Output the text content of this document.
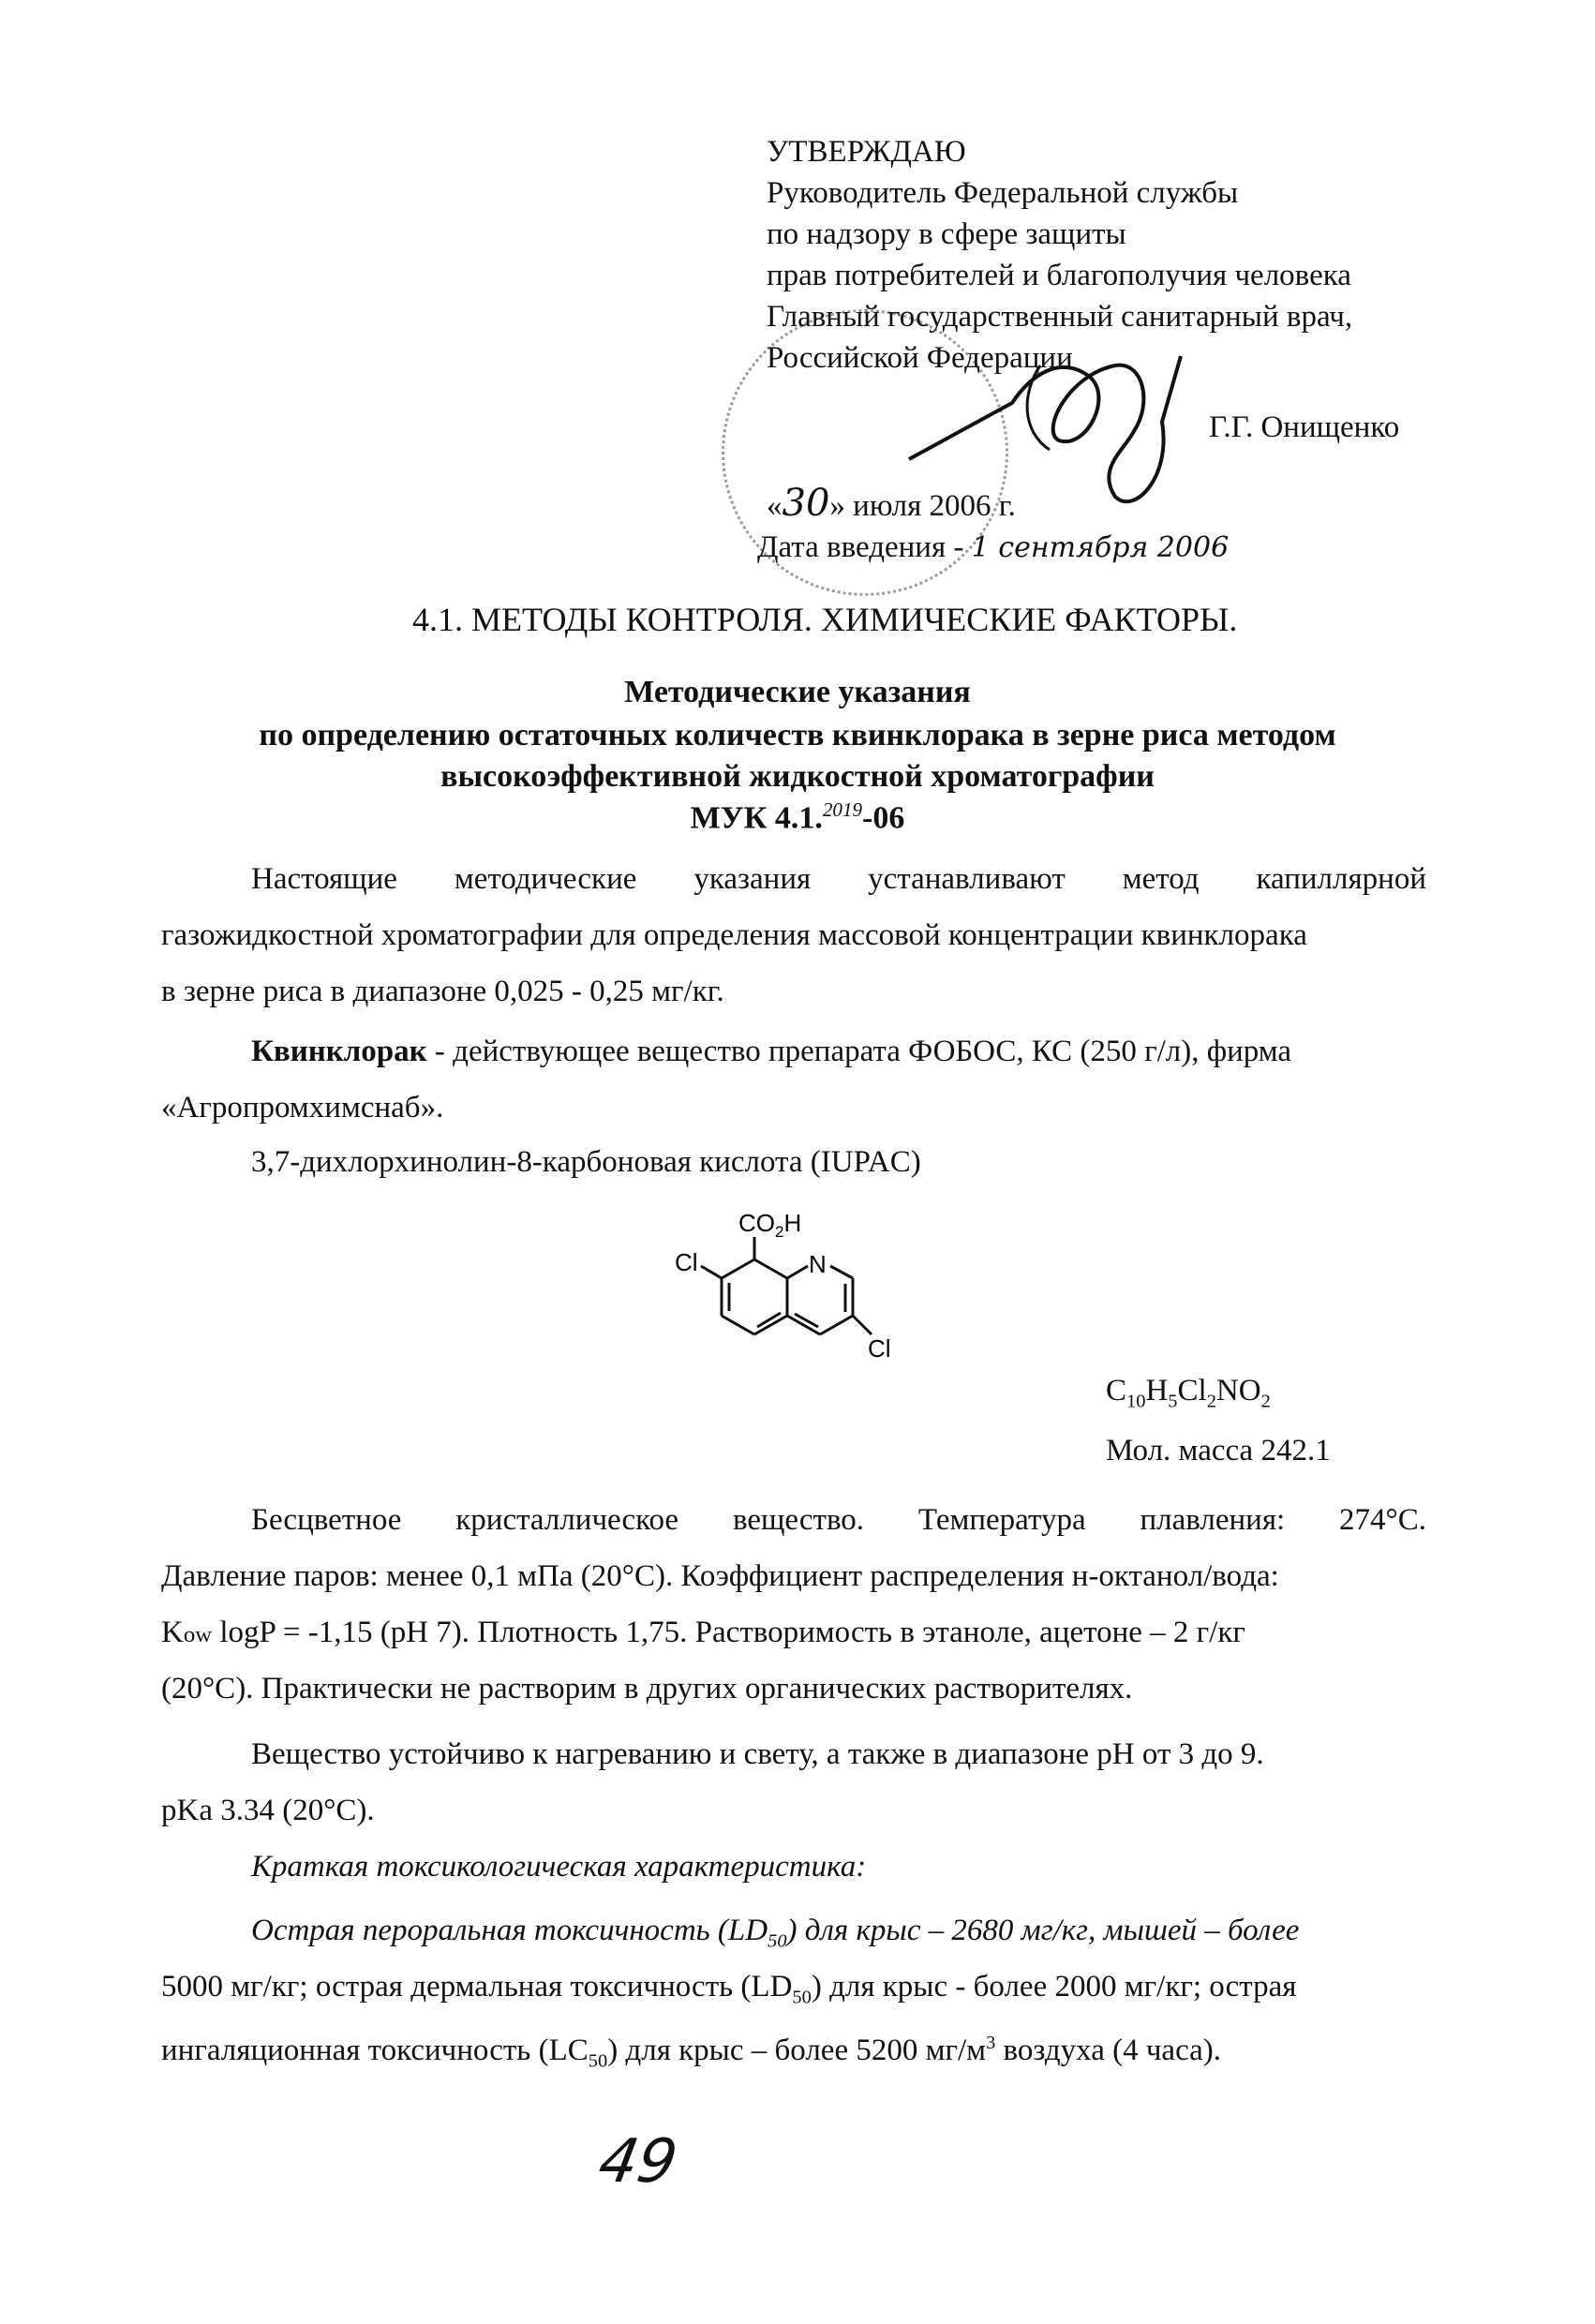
УТВЕРЖДАЮ
Руководитель Федеральной службы
по надзору в сфере защиты
прав потребителей и благополучия человека
Главный государственный санитарный врач,
Российской Федерации
Г.Г. Онищенко
«30» июля 2006 г.
Дата введения - 1 сентября 2006
4.1. МЕТОДЫ КОНТРОЛЯ. ХИМИЧЕСКИЕ ФАКТОРЫ.
Методические указания
по определению остаточных количеств квинклорака в зерне риса методом
высокоэффективной жидкостной хроматографии
МУК 4.1.$^{2019}$-06
Настоящие методические указания устанавливают метод капиллярной
газожидкостной хроматографии для определения массовой концентрации квинклорака
в зерне риса в диапазоне 0,025 - 0,25 мг/кг.
Квинклорак - действующее вещество препарата ФОБОС, КС (250 г/л), фирма
«Агропромхимснаб».
3,7-дихлорхинолин-8-карбоновая кислота (IUPAC)
$CO_2H$
N
Cl
Cl
$C_{10}H_5Cl_2NO_2$
Мол. масса 242.1
Бесцветное кристаллическое вещество. Температура плавления: 274°С.
Давление паров: менее 0,1 мПа (20°С). Коэффициент распределения н-октанол/вода:
Kow logP = -1,15 (pH 7). Плотность 1,75. Растворимость в этаноле, ацетоне – 2 г/кг
(20°С). Практически не растворим в других органических растворителях.
Вещество устойчиво к нагреванию и свету, а также в диапазоне pH от 3 до 9.
pKa 3.34 (20°С).
Краткая токсикологическая характеристика:
Острая пероральная токсичность $(LD_{50})$ для крыс – 2680 мг/кг, мышей – более
5000 мг/кг; острая дермальная токсичность $(LD_{50})$ для крыс - более 2000 мг/кг; острая
ингаляционная токсичность $(LC_{50})$ для крыс – более 5200 $мг/м^3$ воздуха (4 часа).
49
